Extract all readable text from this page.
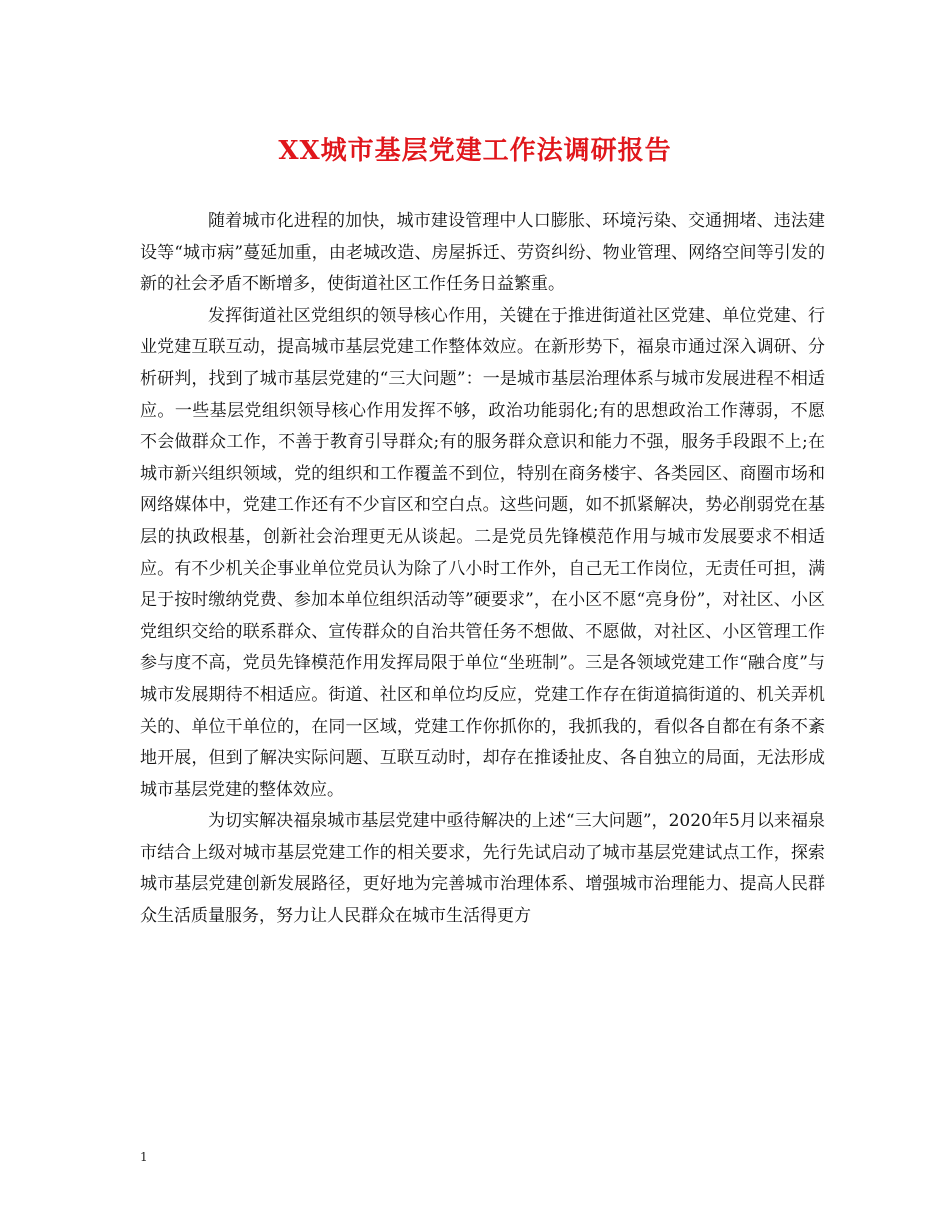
XX城市基层党建工作法调研报告

随着城市化进程的加快，城市建设管理中人口膨胀、环境污染、交通拥堵、违法建设等“城市病”蔓延加重，由老城改造、房屋拆迁、劳资纠纷、物业管理、网络空间等引发的新的社会矛盾不断增多，使街道社区工作任务日益繁重。

发挥街道社区党组织的领导核心作用，关键在于推进街道社区党建、单位党建、行业党建互联互动，提高城市基层党建工作整体效应。在新形势下，福泉市通过深入调研、分析研判，找到了城市基层党建的“三大问题”：一是城市基层治理体系与城市发展进程不相适应。一些基层党组织领导核心作用发挥不够，政治功能弱化;有的思想政治工作薄弱，不愿不会做群众工作，不善于教育引导群众;有的服务群众意识和能力不强，服务手段跟不上;在城市新兴组织领域，党的组织和工作覆盖不到位，特别在商务楼宇、各类园区、商圈市场和网络媒体中，党建工作还有不少盲区和空白点。这些问题，如不抓紧解决，势必削弱党在基层的执政根基，创新社会治理更无从谈起。二是党员先锋模范作用与城市发展要求不相适应。有不少机关企事业单位党员认为除了八小时工作外，自己无工作岗位，无责任可担，满足于按时缴纳党费、参加本单位组织活动等”硬要求”，在小区不愿“亮身份”，对社区、小区党组织交给的联系群众、宣传群众的自治共管任务不想做、不愿做，对社区、小区管理工作参与度不高，党员先锋模范作用发挥局限于单位“坐班制”。三是各领域党建工作“融合度”与城市发展期待不相适应。街道、社区和单位均反应，党建工作存在街道搞街道的、机关弄机关的、单位干单位的，在同一区域，党建工作你抓你的，我抓我的，看似各自都在有条不紊地开展，但到了解决实际问题、互联互动时，却存在推诿扯皮、各自独立的局面，无法形成城市基层党建的整体效应。

为切实解决福泉城市基层党建中亟待解决的上述“三大问题”，2020年5月以来福泉市结合上级对城市基层党建工作的相关要求，先行先试启动了城市基层党建试点工作，探索城市基层党建创新发展路径，更好地为完善城市治理体系、增强城市治理能力、提高人民群众生活质量服务，努力让人民群众在城市生活得更方

1
